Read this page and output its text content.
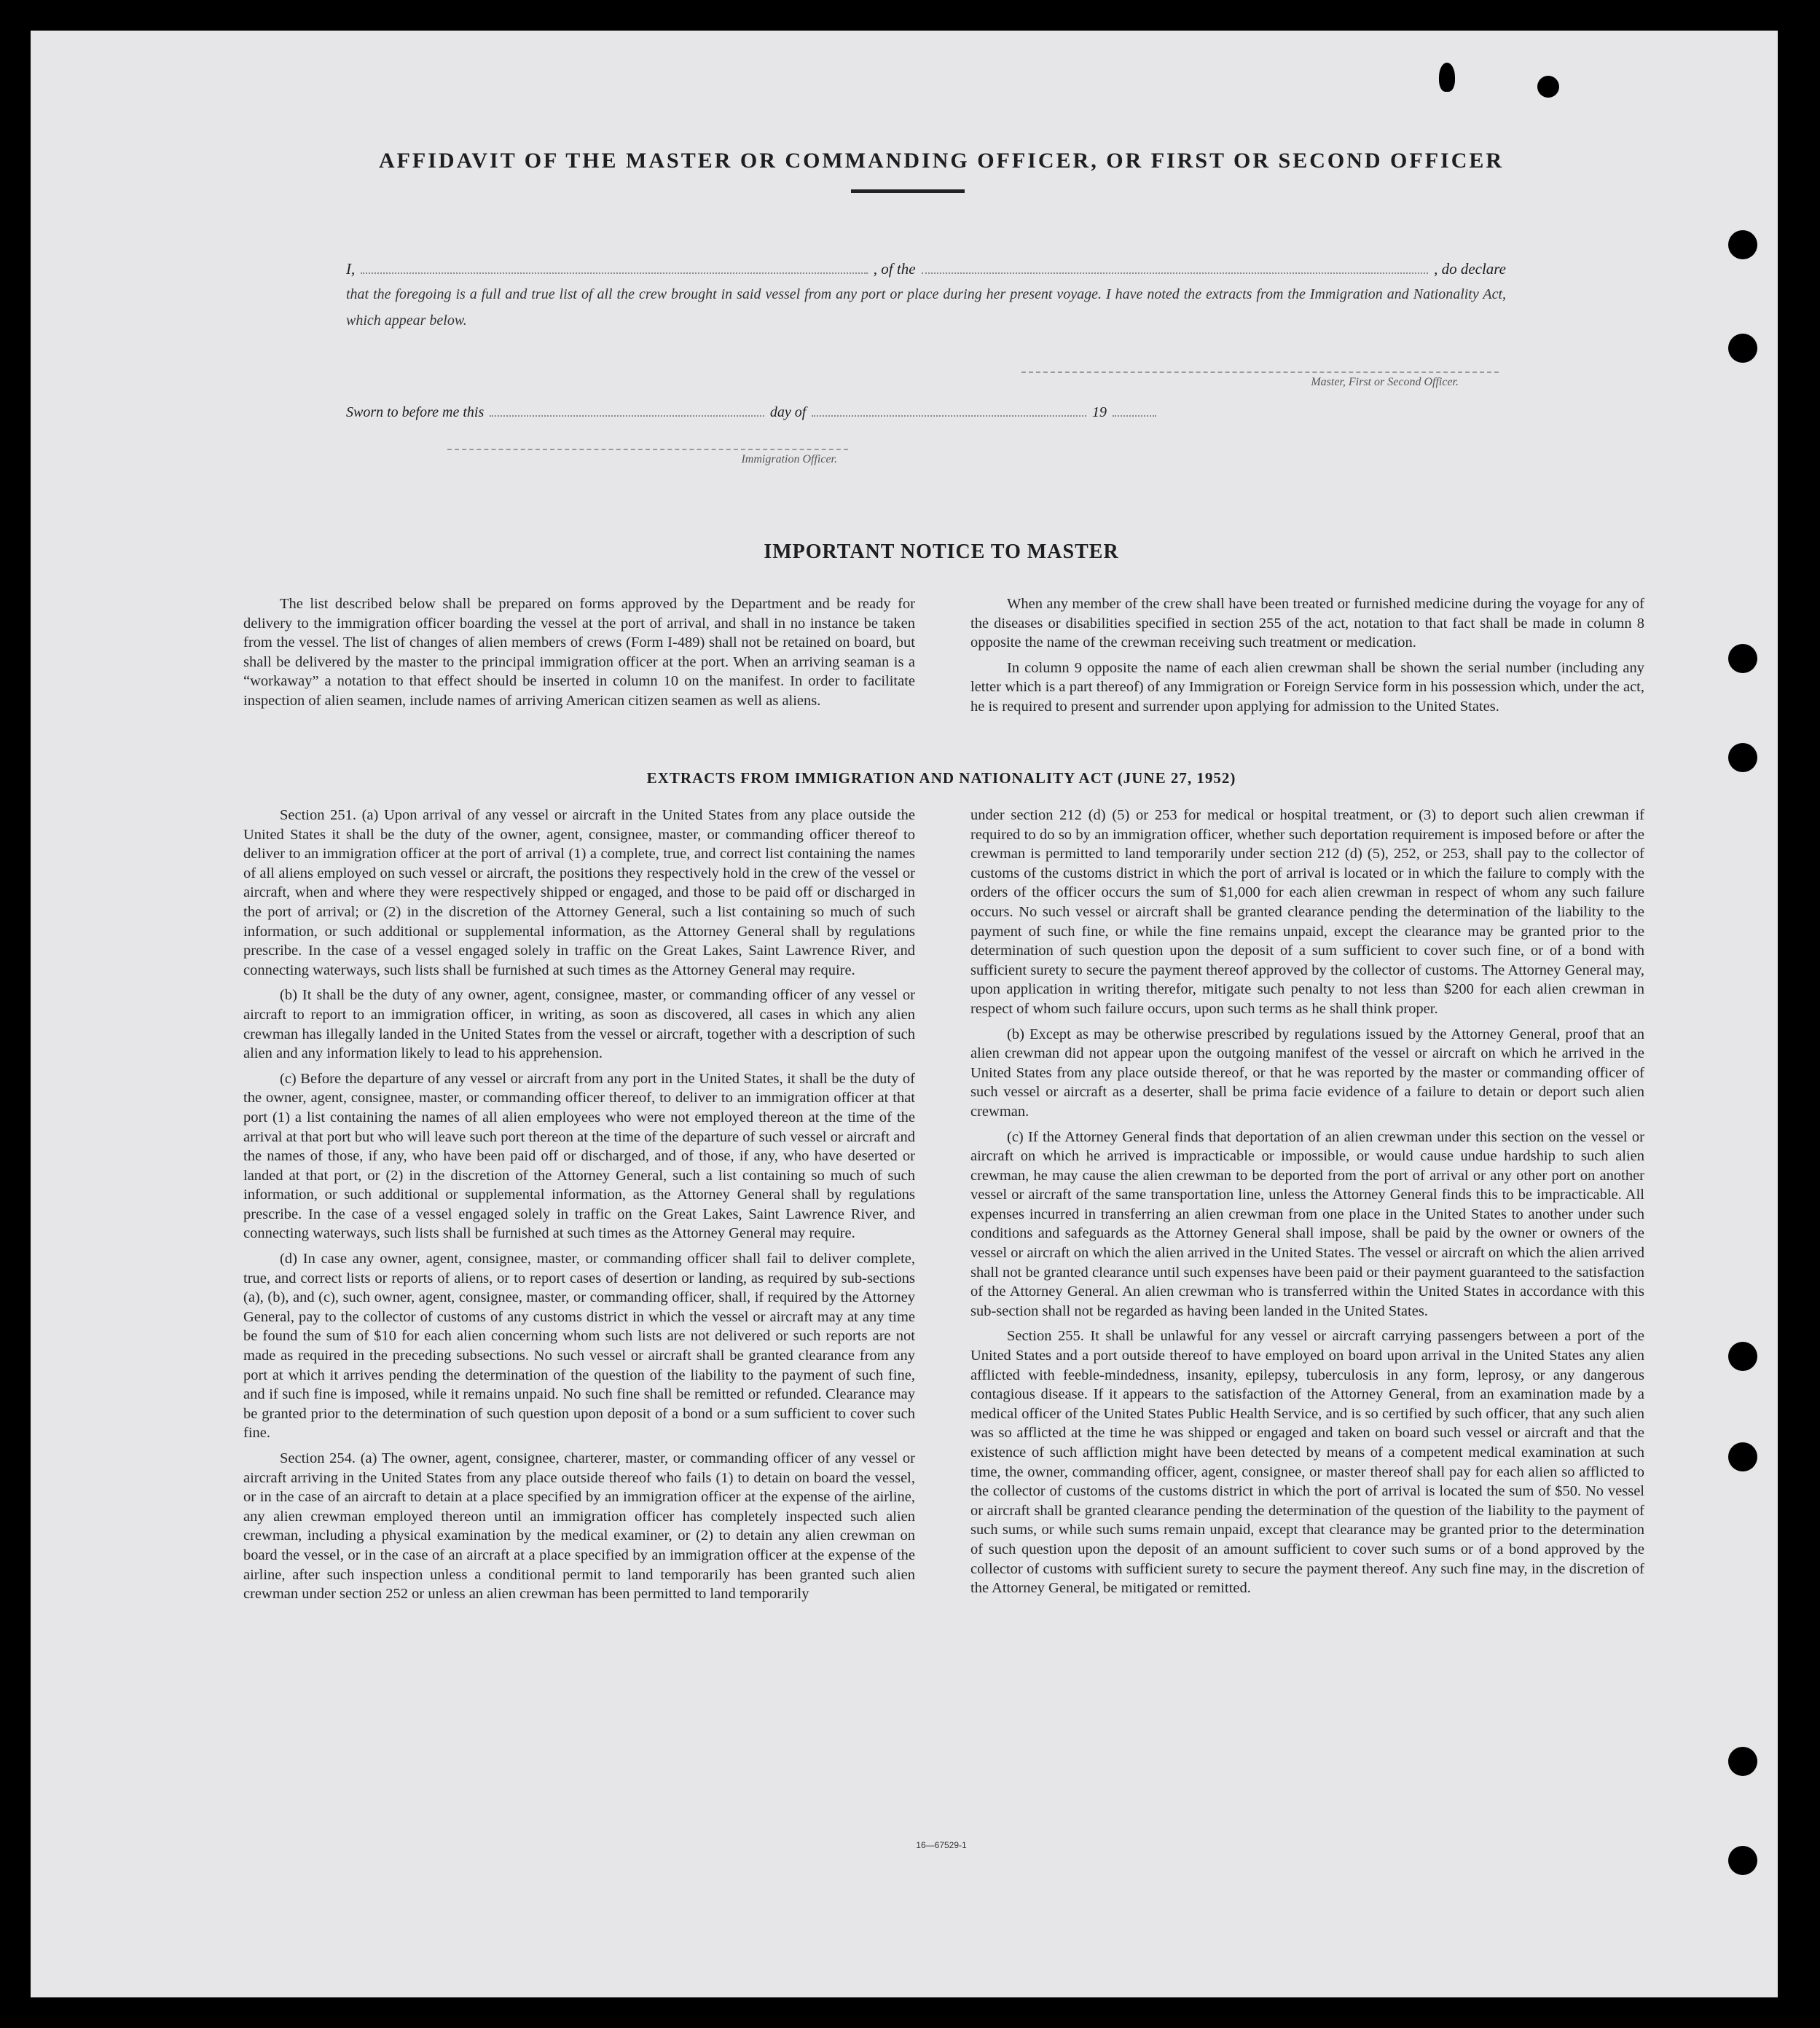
AFFIDAVIT OF THE MASTER OR COMMANDING OFFICER, OR FIRST OR SECOND OFFICER
I,	, of the	, do declare
that the foregoing is a full and true list of all the crew brought in said vessel from any port or place during her present voyage. I have noted the extracts from the Immigration and Nationality Act, which appear below.
Master, First or Second Officer.
Sworn to before me this	day of	19
Immigration Officer.
IMPORTANT NOTICE TO MASTER

The list described below shall be prepared on forms approved by the Department and be ready for delivery to the immigration officer boarding the vessel at the port of arrival, and shall in no instance be taken from the vessel. The list of changes of alien members of crews (Form I-489) shall not be retained on board, but shall be delivered by the master to the principal immigration officer at the port. When an arriving seaman is a “workaway” a notation to that effect should be inserted in column 10 on the manifest. In order to facilitate inspection of alien seamen, include names of arriving American citizen seamen as well as aliens.

When any member of the crew shall have been treated or furnished medicine during the voyage for any of the diseases or disabilities specified in section 255 of the act, notation to that fact shall be made in column 8 opposite the name of the crewman receiving such treatment or medication.

In column 9 opposite the name of each alien crewman shall be shown the serial number (including any letter which is a part thereof) of any Immigration or Foreign Service form in his possession which, under the act, he is required to present and surrender upon applying for admission to the United States.

EXTRACTS FROM IMMIGRATION AND NATIONALITY ACT (JUNE 27, 1952)

Section 251. (a) Upon arrival of any vessel or aircraft in the United States from any place outside the United States it shall be the duty of the owner, agent, consignee, master, or commanding officer thereof to deliver to an immigration officer at the port of arrival (1) a complete, true, and correct list containing the names of all aliens employed on such vessel or aircraft, the positions they respectively hold in the crew of the vessel or aircraft, when and where they were respectively shipped or engaged, and those to be paid off or discharged in the port of arrival; or (2) in the discretion of the Attorney General, such a list containing so much of such information, or such additional or supplemental information, as the Attorney General shall by regulations prescribe. In the case of a vessel engaged solely in traffic on the Great Lakes, Saint Lawrence River, and connecting waterways, such lists shall be furnished at such times as the Attorney General may require.

(b) It shall be the duty of any owner, agent, consignee, master, or commanding officer of any vessel or aircraft to report to an immigration officer, in writing, as soon as discovered, all cases in which any alien crewman has illegally landed in the United States from the vessel or aircraft, together with a description of such alien and any information likely to lead to his apprehension.

(c) Before the departure of any vessel or aircraft from any port in the United States, it shall be the duty of the owner, agent, consignee, master, or commanding officer thereof, to deliver to an immigration officer at that port (1) a list containing the names of all alien employees who were not employed thereon at the time of the arrival at that port but who will leave such port thereon at the time of the departure of such vessel or aircraft and the names of those, if any, who have been paid off or discharged, and of those, if any, who have deserted or landed at that port, or (2) in the discretion of the Attorney General, such a list containing so much of such information, or such additional or supplemental information, as the Attorney General shall by regulations prescribe. In the case of a vessel engaged solely in traffic on the Great Lakes, Saint Lawrence River, and connecting waterways, such lists shall be furnished at such times as the Attorney General may require.

(d) In case any owner, agent, consignee, master, or commanding officer shall fail to deliver complete, true, and correct lists or reports of aliens, or to report cases of desertion or landing, as required by sub-sections (a), (b), and (c), such owner, agent, consignee, master, or commanding officer, shall, if required by the Attorney General, pay to the collector of customs of any customs district in which the vessel or aircraft may at any time be found the sum of $10 for each alien concerning whom such lists are not delivered or such reports are not made as required in the preceding subsections. No such vessel or aircraft shall be granted clearance from any port at which it arrives pending the determination of the question of the liability to the payment of such fine, and if such fine is imposed, while it remains unpaid. No such fine shall be remitted or refunded. Clearance may be granted prior to the determination of such question upon deposit of a bond or a sum sufficient to cover such fine.

Section 254. (a) The owner, agent, consignee, charterer, master, or commanding officer of any vessel or aircraft arriving in the United States from any place outside thereof who fails (1) to detain on board the vessel, or in the case of an aircraft to detain at a place specified by an immigration officer at the expense of the airline, any alien crewman employed thereon until an immigration officer has completely inspected such alien crewman, including a physical examination by the medical examiner, or (2) to detain any alien crewman on board the vessel, or in the case of an aircraft at a place specified by an immigration officer at the expense of the airline, after such inspection unless a conditional permit to land temporarily has been granted such alien crewman under section 252 or unless an alien crewman has been permitted to land temporarily

under section 212 (d) (5) or 253 for medical or hospital treatment, or (3) to deport such alien crewman if required to do so by an immigration officer, whether such deportation requirement is imposed before or after the crewman is permitted to land temporarily under section 212 (d) (5), 252, or 253, shall pay to the collector of customs of the customs district in which the port of arrival is located or in which the failure to comply with the orders of the officer occurs the sum of $1,000 for each alien crewman in respect of whom any such failure occurs. No such vessel or aircraft shall be granted clearance pending the determination of the liability to the payment of such fine, or while the fine remains unpaid, except the clearance may be granted prior to the determination of such question upon the deposit of a sum sufficient to cover such fine, or of a bond with sufficient surety to secure the payment thereof approved by the collector of customs. The Attorney General may, upon application in writing therefor, mitigate such penalty to not less than $200 for each alien crewman in respect of whom such failure occurs, upon such terms as he shall think proper.

(b) Except as may be otherwise prescribed by regulations issued by the Attorney General, proof that an alien crewman did not appear upon the outgoing manifest of the vessel or aircraft on which he arrived in the United States from any place outside thereof, or that he was reported by the master or commanding officer of such vessel or aircraft as a deserter, shall be prima facie evidence of a failure to detain or deport such alien crewman.

(c) If the Attorney General finds that deportation of an alien crewman under this section on the vessel or aircraft on which he arrived is impracticable or impossible, or would cause undue hardship to such alien crewman, he may cause the alien crewman to be deported from the port of arrival or any other port on another vessel or aircraft of the same transportation line, unless the Attorney General finds this to be impracticable. All expenses incurred in transferring an alien crewman from one place in the United States to another under such conditions and safeguards as the Attorney General shall impose, shall be paid by the owner or owners of the vessel or aircraft on which the alien arrived in the United States. The vessel or aircraft on which the alien arrived shall not be granted clearance until such expenses have been paid or their payment guaranteed to the satisfaction of the Attorney General. An alien crewman who is transferred within the United States in accordance with this sub-section shall not be regarded as having been landed in the United States.

Section 255. It shall be unlawful for any vessel or aircraft carrying passengers between a port of the United States and a port outside thereof to have employed on board upon arrival in the United States any alien afflicted with feeble-mindedness, insanity, epilepsy, tuberculosis in any form, leprosy, or any dangerous contagious disease. If it appears to the satisfaction of the Attorney General, from an examination made by a medical officer of the United States Public Health Service, and is so certified by such officer, that any such alien was so afflicted at the time he was shipped or engaged and taken on board such vessel or aircraft and that the existence of such affliction might have been detected by means of a competent medical examination at such time, the owner, commanding officer, agent, consignee, or master thereof shall pay for each alien so afflicted to the collector of customs of the customs district in which the port of arrival is located the sum of $50. No vessel or aircraft shall be granted clearance pending the determination of the question of the liability to the payment of such sums, or while such sums remain unpaid, except that clearance may be granted prior to the determination of such question upon the deposit of an amount sufficient to cover such sums or of a bond approved by the collector of customs with sufficient surety to secure the payment thereof. Any such fine may, in the discretion of the Attorney General, be mitigated or remitted.

16—67529-1
